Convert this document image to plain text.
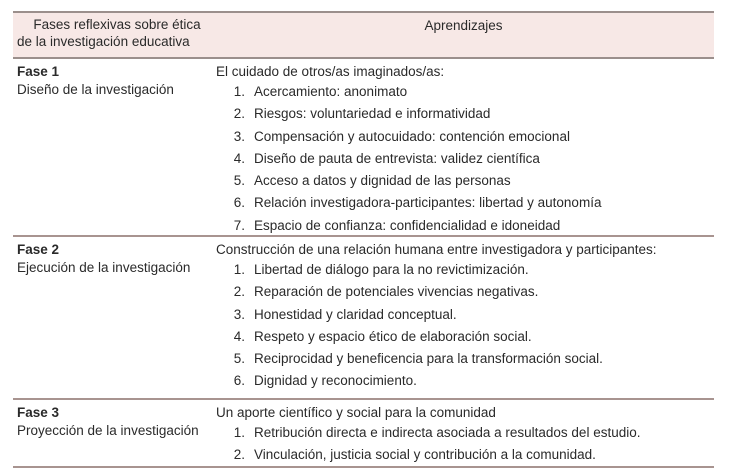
Fases reflexivas sobre ética
de la investigación educativa
Aprendizajes
Fase 1
Diseño de la investigación
El cuidado de otros/as imaginados/as:
1. Acercamiento: anonimato
2. Riesgos: voluntariedad e informatividad
3. Compensación y autocuidado: contención emocional
4. Diseño de pauta de entrevista: validez científica
5. Acceso a datos y dignidad de las personas
6. Relación investigadora-participantes: libertad y autonomía
7. Espacio de confianza: confidencialidad e idoneidad
Fase 2
Ejecución de la investigación
Construcción de una relación humana entre investigadora y participantes:
1. Libertad de diálogo para la no revictimización.
2. Reparación de potenciales vivencias negativas.
3. Honestidad y claridad conceptual.
4. Respeto y espacio ético de elaboración social.
5. Reciprocidad y beneficencia para la transformación social.
6. Dignidad y reconocimiento.
Fase 3
Proyección de la investigación
Un aporte científico y social para la comunidad
1. Retribución directa e indirecta asociada a resultados del estudio.
2. Vinculación, justicia social y contribución a la comunidad.
